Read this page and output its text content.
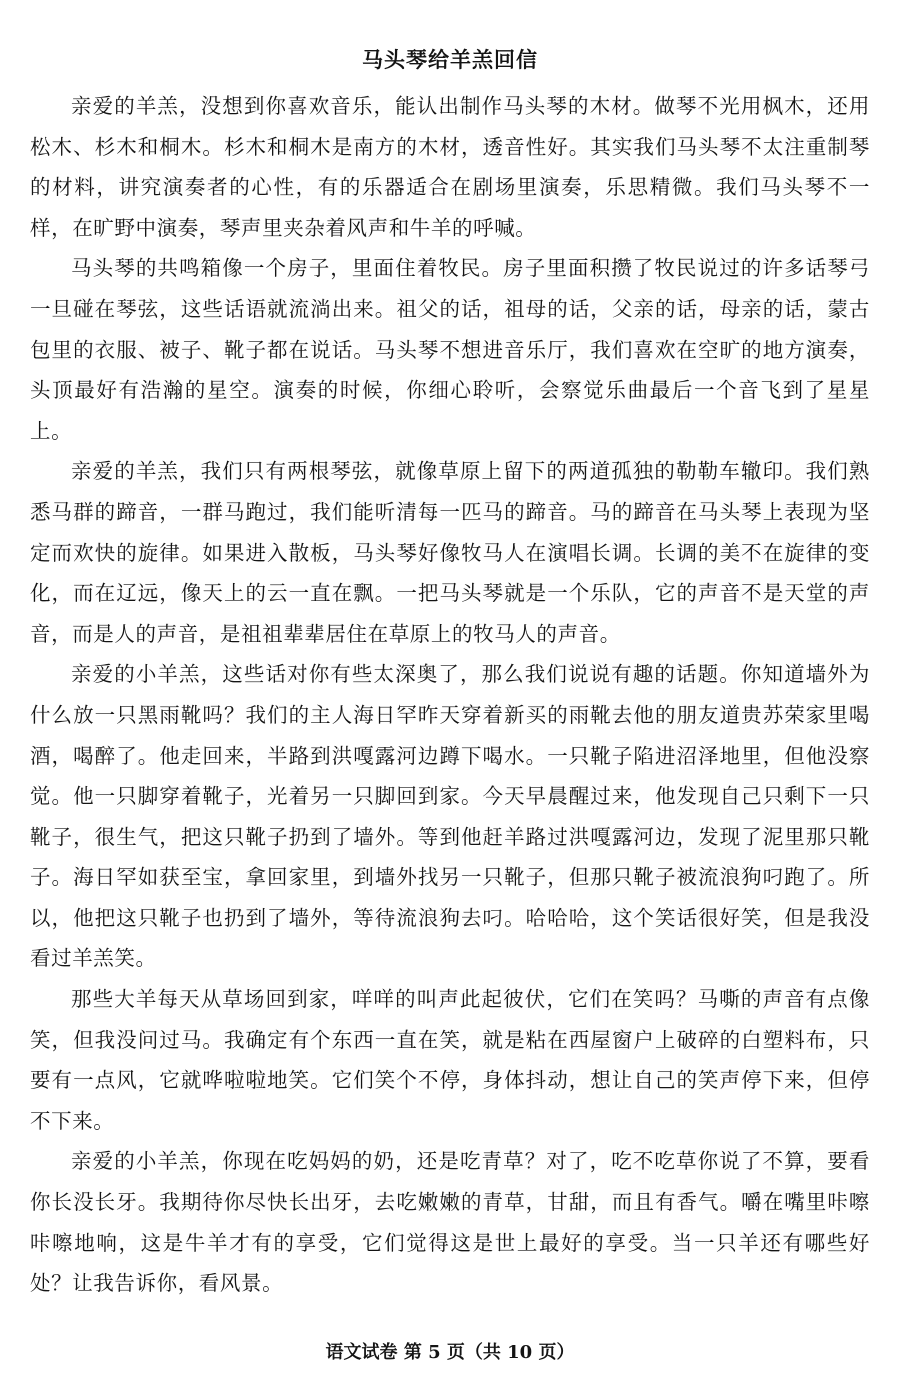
马头琴给羊羔回信

亲爱的羊羔，没想到你喜欢音乐，能认出制作马头琴的木材。做琴不光用枫木，还用松木、杉木和桐木。杉木和桐木是南方的木材，透音性好。其实我们马头琴不太注重制琴的材料，讲究演奏者的心性，有的乐器适合在剧场里演奏，乐思精微。我们马头琴不一样，在旷野中演奏，琴声里夹杂着风声和牛羊的呼喊。

马头琴的共鸣箱像一个房子，里面住着牧民。房子里面积攒了牧民说过的许多话琴弓一旦碰在琴弦，这些话语就流淌出来。祖父的话，祖母的话，父亲的话，母亲的话，蒙古包里的衣服、被子、靴子都在说话。马头琴不想进音乐厅，我们喜欢在空旷的地方演奏，头顶最好有浩瀚的星空。演奏的时候，你细心聆听，会察觉乐曲最后一个音飞到了星星上。

亲爱的羊羔，我们只有两根琴弦，就像草原上留下的两道孤独的勒勒车辙印。我们熟悉马群的蹄音，一群马跑过，我们能听清每一匹马的蹄音。马的蹄音在马头琴上表现为坚定而欢快的旋律。如果进入散板，马头琴好像牧马人在演唱长调。长调的美不在旋律的变化，而在辽远，像天上的云一直在飘。一把马头琴就是一个乐队，它的声音不是天堂的声音，而是人的声音，是祖祖辈辈居住在草原上的牧马人的声音。

亲爱的小羊羔，这些话对你有些太深奥了，那么我们说说有趣的话题。你知道墙外为什么放一只黑雨靴吗？我们的主人海日罕昨天穿着新买的雨靴去他的朋友道贵苏荣家里喝酒，喝醉了。他走回来，半路到洪嘎露河边蹲下喝水。一只靴子陷进沼泽地里，但他没察觉。他一只脚穿着靴子，光着另一只脚回到家。今天早晨醒过来，他发现自己只剩下一只靴子，很生气，把这只靴子扔到了墙外。等到他赶羊路过洪嘎露河边，发现了泥里那只靴子。海日罕如获至宝，拿回家里，到墙外找另一只靴子，但那只靴子被流浪狗叼跑了。所以，他把这只靴子也扔到了墙外，等待流浪狗去叼。哈哈哈，这个笑话很好笑，但是我没看过羊羔笑。

那些大羊每天从草场回到家，咩咩的叫声此起彼伏，它们在笑吗？马嘶的声音有点像笑，但我没问过马。我确定有个东西一直在笑，就是粘在西屋窗户上破碎的白塑料布，只要有一点风，它就哗啦啦地笑。它们笑个不停，身体抖动，想让自己的笑声停下来，但停不下来。

亲爱的小羊羔，你现在吃妈妈的奶，还是吃青草？对了，吃不吃草你说了不算，要看你长没长牙。我期待你尽快长出牙，去吃嫩嫩的青草，甘甜，而且有香气。嚼在嘴里咔嚓咔嚓地响，这是牛羊才有的享受，它们觉得这是世上最好的享受。当一只羊还有哪些好处？让我告诉你，看风景。

语文试卷 第 5 页（共 10 页）
